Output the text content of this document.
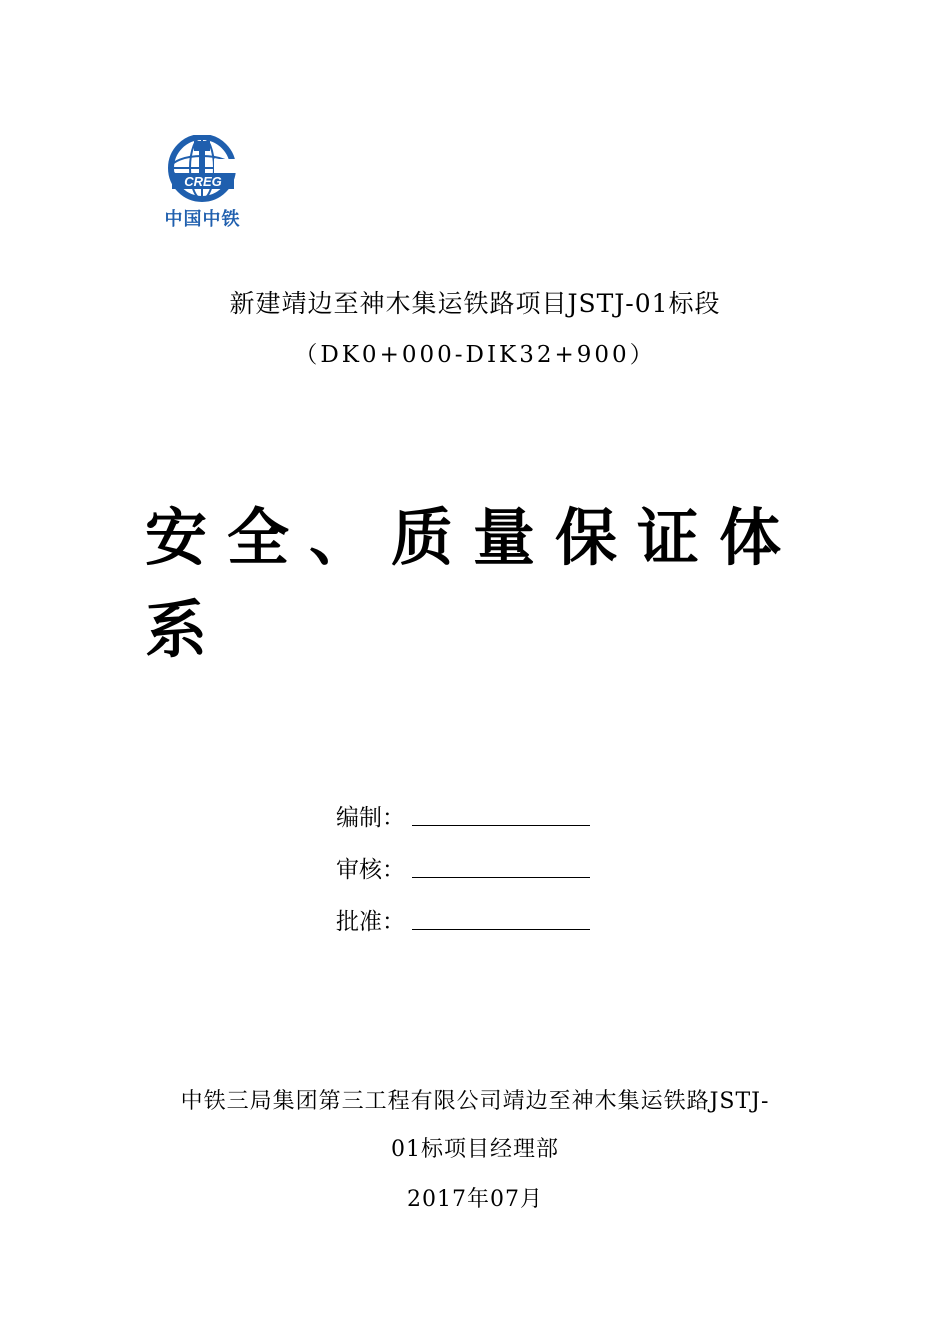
CREG
中国中铁
新建靖边至神木集运铁路项目JSTJ-01标段
（DK0+000-DIK32+900）
安全、质量保证体
系
编制：
审核：
批准：
中铁三局集团第三工程有限公司靖边至神木集运铁路JSTJ-
01标项目经理部
2017年07月
